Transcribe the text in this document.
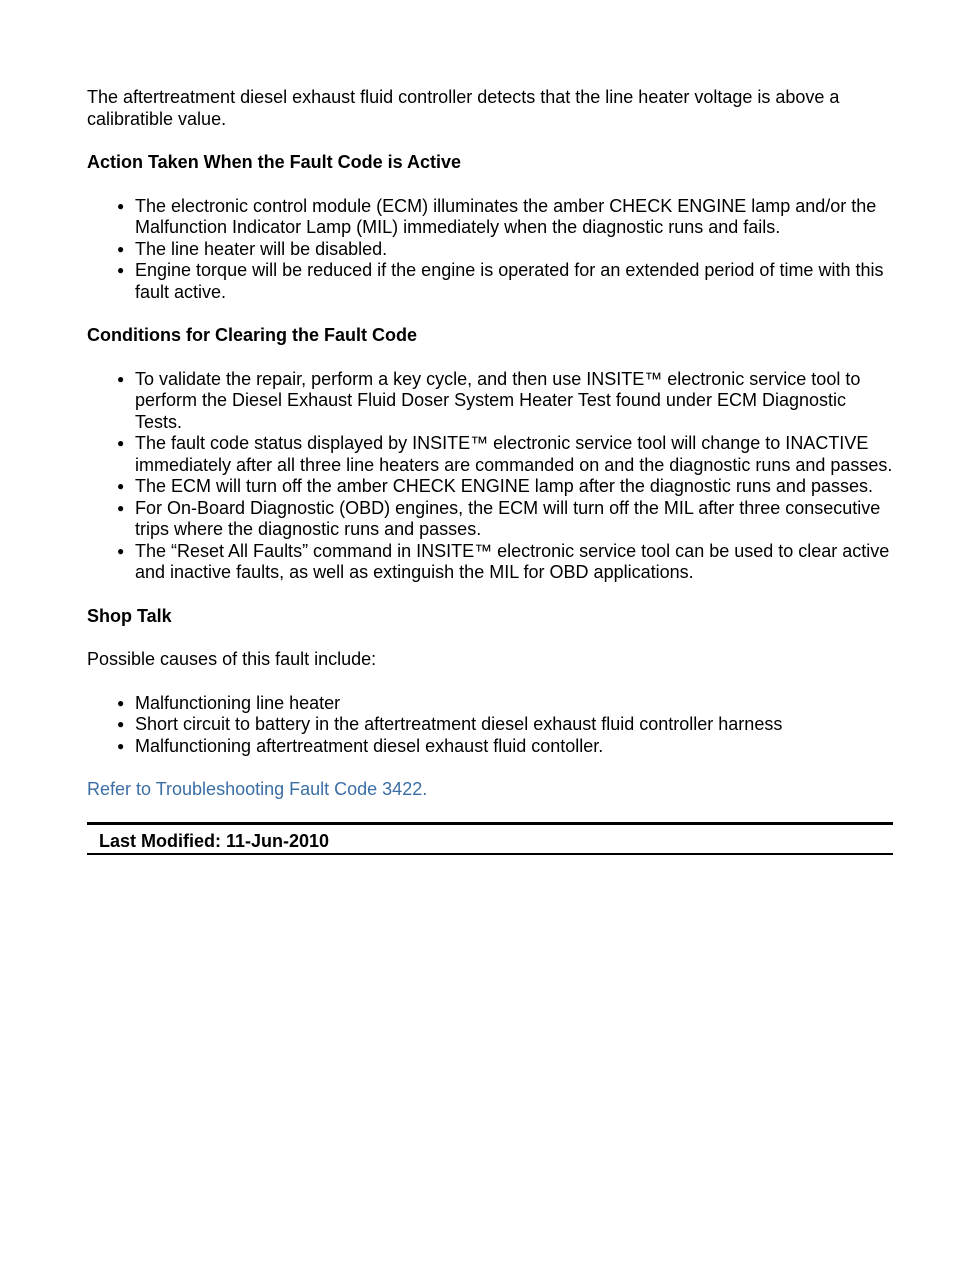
The aftertreatment diesel exhaust fluid controller detects that the line heater voltage is above a calibratible value.

Action Taken When the Fault Code is Active
● The electronic control module (ECM) illuminates the amber CHECK ENGINE lamp and/or the Malfunction Indicator Lamp (MIL) immediately when the diagnostic runs and fails.
● The line heater will be disabled.
● Engine torque will be reduced if the engine is operated for an extended period of time with this fault active.
Conditions for Clearing the Fault Code
● To validate the repair, perform a key cycle, and then use INSITE™ electronic service tool to perform the Diesel Exhaust Fluid Doser System Heater Test found under ECM Diagnostic Tests.
● The fault code status displayed by INSITE™ electronic service tool will change to INACTIVE immediately after all three line heaters are commanded on and the diagnostic runs and passes.
● The ECM will turn off the amber CHECK ENGINE lamp after the diagnostic runs and passes.
● For On-Board Diagnostic (OBD) engines, the ECM will turn off the MIL after three consecutive trips where the diagnostic runs and passes.
● The “Reset All Faults” command in INSITE™ electronic service tool can be used to clear active and inactive faults, as well as extinguish the MIL for OBD applications.
Shop Talk

Possible causes of this fault include:

● Malfunctioning line heater
● Short circuit to battery in the aftertreatment diesel exhaust fluid controller harness
● Malfunctioning aftertreatment diesel exhaust fluid contoller.
Refer to Troubleshooting Fault Code 3422.
Last Modified: 11-Jun-2010
